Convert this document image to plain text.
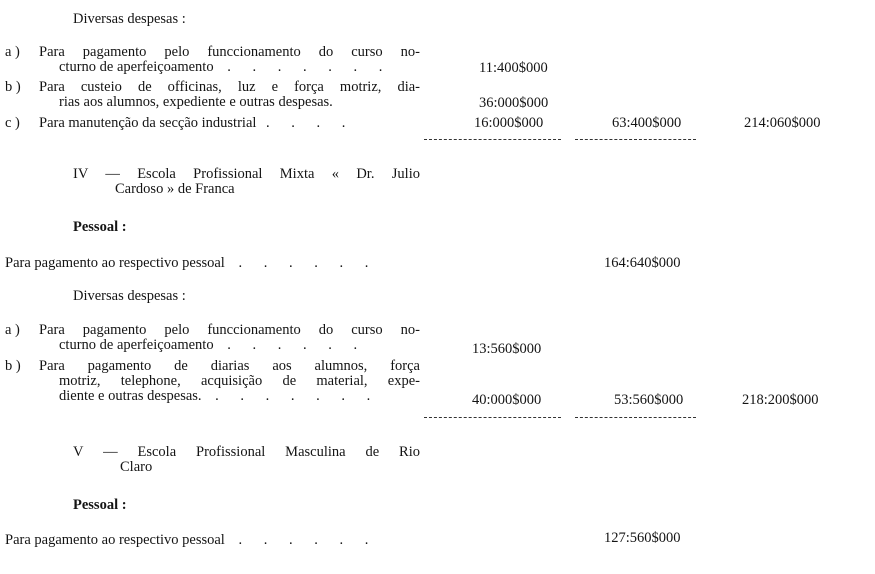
Diversas despesas :
a ) Para pagamento pelo funccionamento do curso no-
cturno de aperfeiçoamento . . . . . . .	11:400$000
b ) Para custeio de officinas, luz e força motriz, dia-
rias aos alumnos, expediente e outras despesas.	36:000$000
c ) Para manutenção da secção industrial . . . .	16:000$000	63:400$000	214:060$000
IV — Escola Profissional Mixta « Dr. Julio
Cardoso » de Franca
Pessoal :
Para pagamento ao respectivo pessoal . . . . . .	164:640$000
Diversas despesas :
a ) Para pagamento pelo funccionamento do curso no-
cturno de aperfeiçoamento . . . . . .	13:560$000
b ) Para pagamento de diarias aos alumnos, força
motriz, telephone, acquisição de material, expe-
diente e outras despesas. . . . . . . .	40:000$000	53:560$000	218:200$000
V — Escola Profissional Masculina de Rio
Claro
Pessoal :
Para pagamento ao respectivo pessoal . . . . . .	127:560$000
